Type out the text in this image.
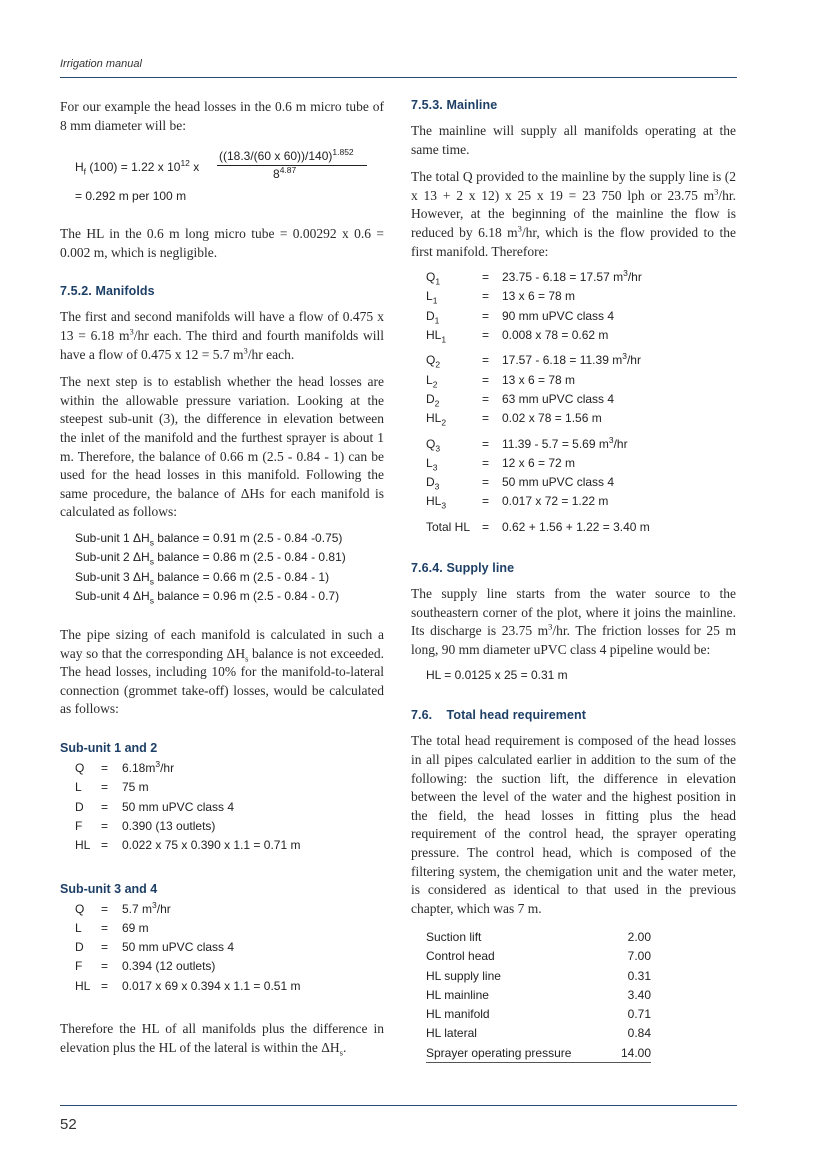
Irrigation manual

For our example the head losses in the 0.6 m micro tube of 8 mm diameter will be:

$H_f$ (100) = 1.22 x $10^{12}$ x
((18.3/(60 x 60))/140)$^{1.852}$
$8^{4.87}$
= 0.292 m per 100 m

The HL in the 0.6 m long micro tube = 0.00292 x 0.6 = 0.002 m, which is negligible.

7.5.2. Manifolds

The first and second manifolds will have a flow of 0.475 x 13 = 6.18 $m^3/hr$ each. The third and fourth manifolds will have a flow of 0.475 x 12 = 5.7 $m^3/hr$ each.

The next step is to establish whether the head losses are within the allowable pressure variation. Looking at the steepest sub-unit (3), the difference in elevation between the inlet of the manifold and the furthest sprayer is about 1 m. Therefore, the balance of 0.66 m (2.5 - 0.84 - 1) can be used for the head losses in this manifold. Following the same procedure, the balance of ΔHs for each manifold is calculated as follows:

Sub-unit 1 $\Delta H_s$ balance = 0.91 m (2.5 - 0.84 -0.75)
Sub-unit 2 $\Delta H_s$ balance = 0.86 m (2.5 - 0.84 - 0.81)
Sub-unit 3 $\Delta H_s$ balance = 0.66 m (2.5 - 0.84 - 1)
Sub-unit 4 $\Delta H_s$ balance = 0.96 m (2.5 - 0.84 - 0.7)

The pipe sizing of each manifold is calculated in such a way so that the corresponding $\Delta H_s$ balance is not exceeded. The head losses, including 10% for the manifold-to-lateral connection (grommet take-off) losses, would be calculated as follows:

Sub-unit 1 and 2
Q	=	$6.18m^3/hr$
L	=	75 m
D	=	50 mm uPVC class 4
F	=	0.390 (13 outlets)
HL	=	0.022 x 75 x 0.390 x 1.1 = 0.71 m
Sub-unit 3 and 4
Q	=	5.7 $m^3/hr$
L	=	69 m
D	=	50 mm uPVC class 4
F	=	0.394 (12 outlets)
HL	=	0.017 x 69 x 0.394 x 1.1 = 0.51 m

Therefore the HL of all manifolds plus the difference in elevation plus the HL of the lateral is within the $\Delta H_s$.

7.5.3. Mainline

The mainline will supply all manifolds operating at the same time.

The total Q provided to the mainline by the supply line is (2 x 13 + 2 x 12) x 25 x 19 = 23 750 lph or 23.75 $m^3/hr$. However, at the beginning of the mainline the flow is reduced by 6.18 $m^3/hr$, which is the flow provided to the first manifold. Therefore:

$Q_1$	=	23.75 - 6.18 = 17.57 $m^3/hr$
$L_1$	=	13 x 6 = 78 m
$D_1$	=	90 mm uPVC class 4
$HL_1$	=	0.008 x 78 = 0.62 m
$Q_2$	=	17.57 - 6.18 = 11.39 $m^3/hr$
$L_2$	=	13 x 6 = 78 m
$D_2$	=	63 mm uPVC class 4
$HL_2$	=	0.02 x 78 = 1.56 m
$Q_3$	=	11.39 - 5.7 = 5.69 $m^3/hr$
$L_3$	=	12 x 6 = 72 m
$D_3$	=	50 mm uPVC class 4
$HL_3$	=	0.017 x 72 = 1.22 m
Total HL	=	0.62 + 1.56 + 1.22 = 3.40 m
7.6.4. Supply line

The supply line starts from the water source to the southeastern corner of the plot, where it joins the mainline. Its discharge is 23.75 $m^3/hr$. The friction losses for 25 m long, 90 mm diameter uPVC class 4 pipeline would be:

HL = 0.0125 x 25 = 0.31 m
7.6.    Total head requirement

The total head requirement is composed of the head losses in all pipes calculated earlier in addition to the sum of the following: the suction lift, the difference in elevation between the level of the water and the highest position in the field, the head losses in fitting plus the head requirement of the control head, the sprayer operating pressure. The control head, which is composed of the filtering system, the chemigation unit and the water meter, is considered as identical to that used in the previous chapter, which was 7 m.

Suction lift	2.00
Control head	7.00
HL supply line	0.31
HL mainline	3.40
HL manifold	0.71
HL lateral	0.84
Sprayer operating pressure	14.00
52
